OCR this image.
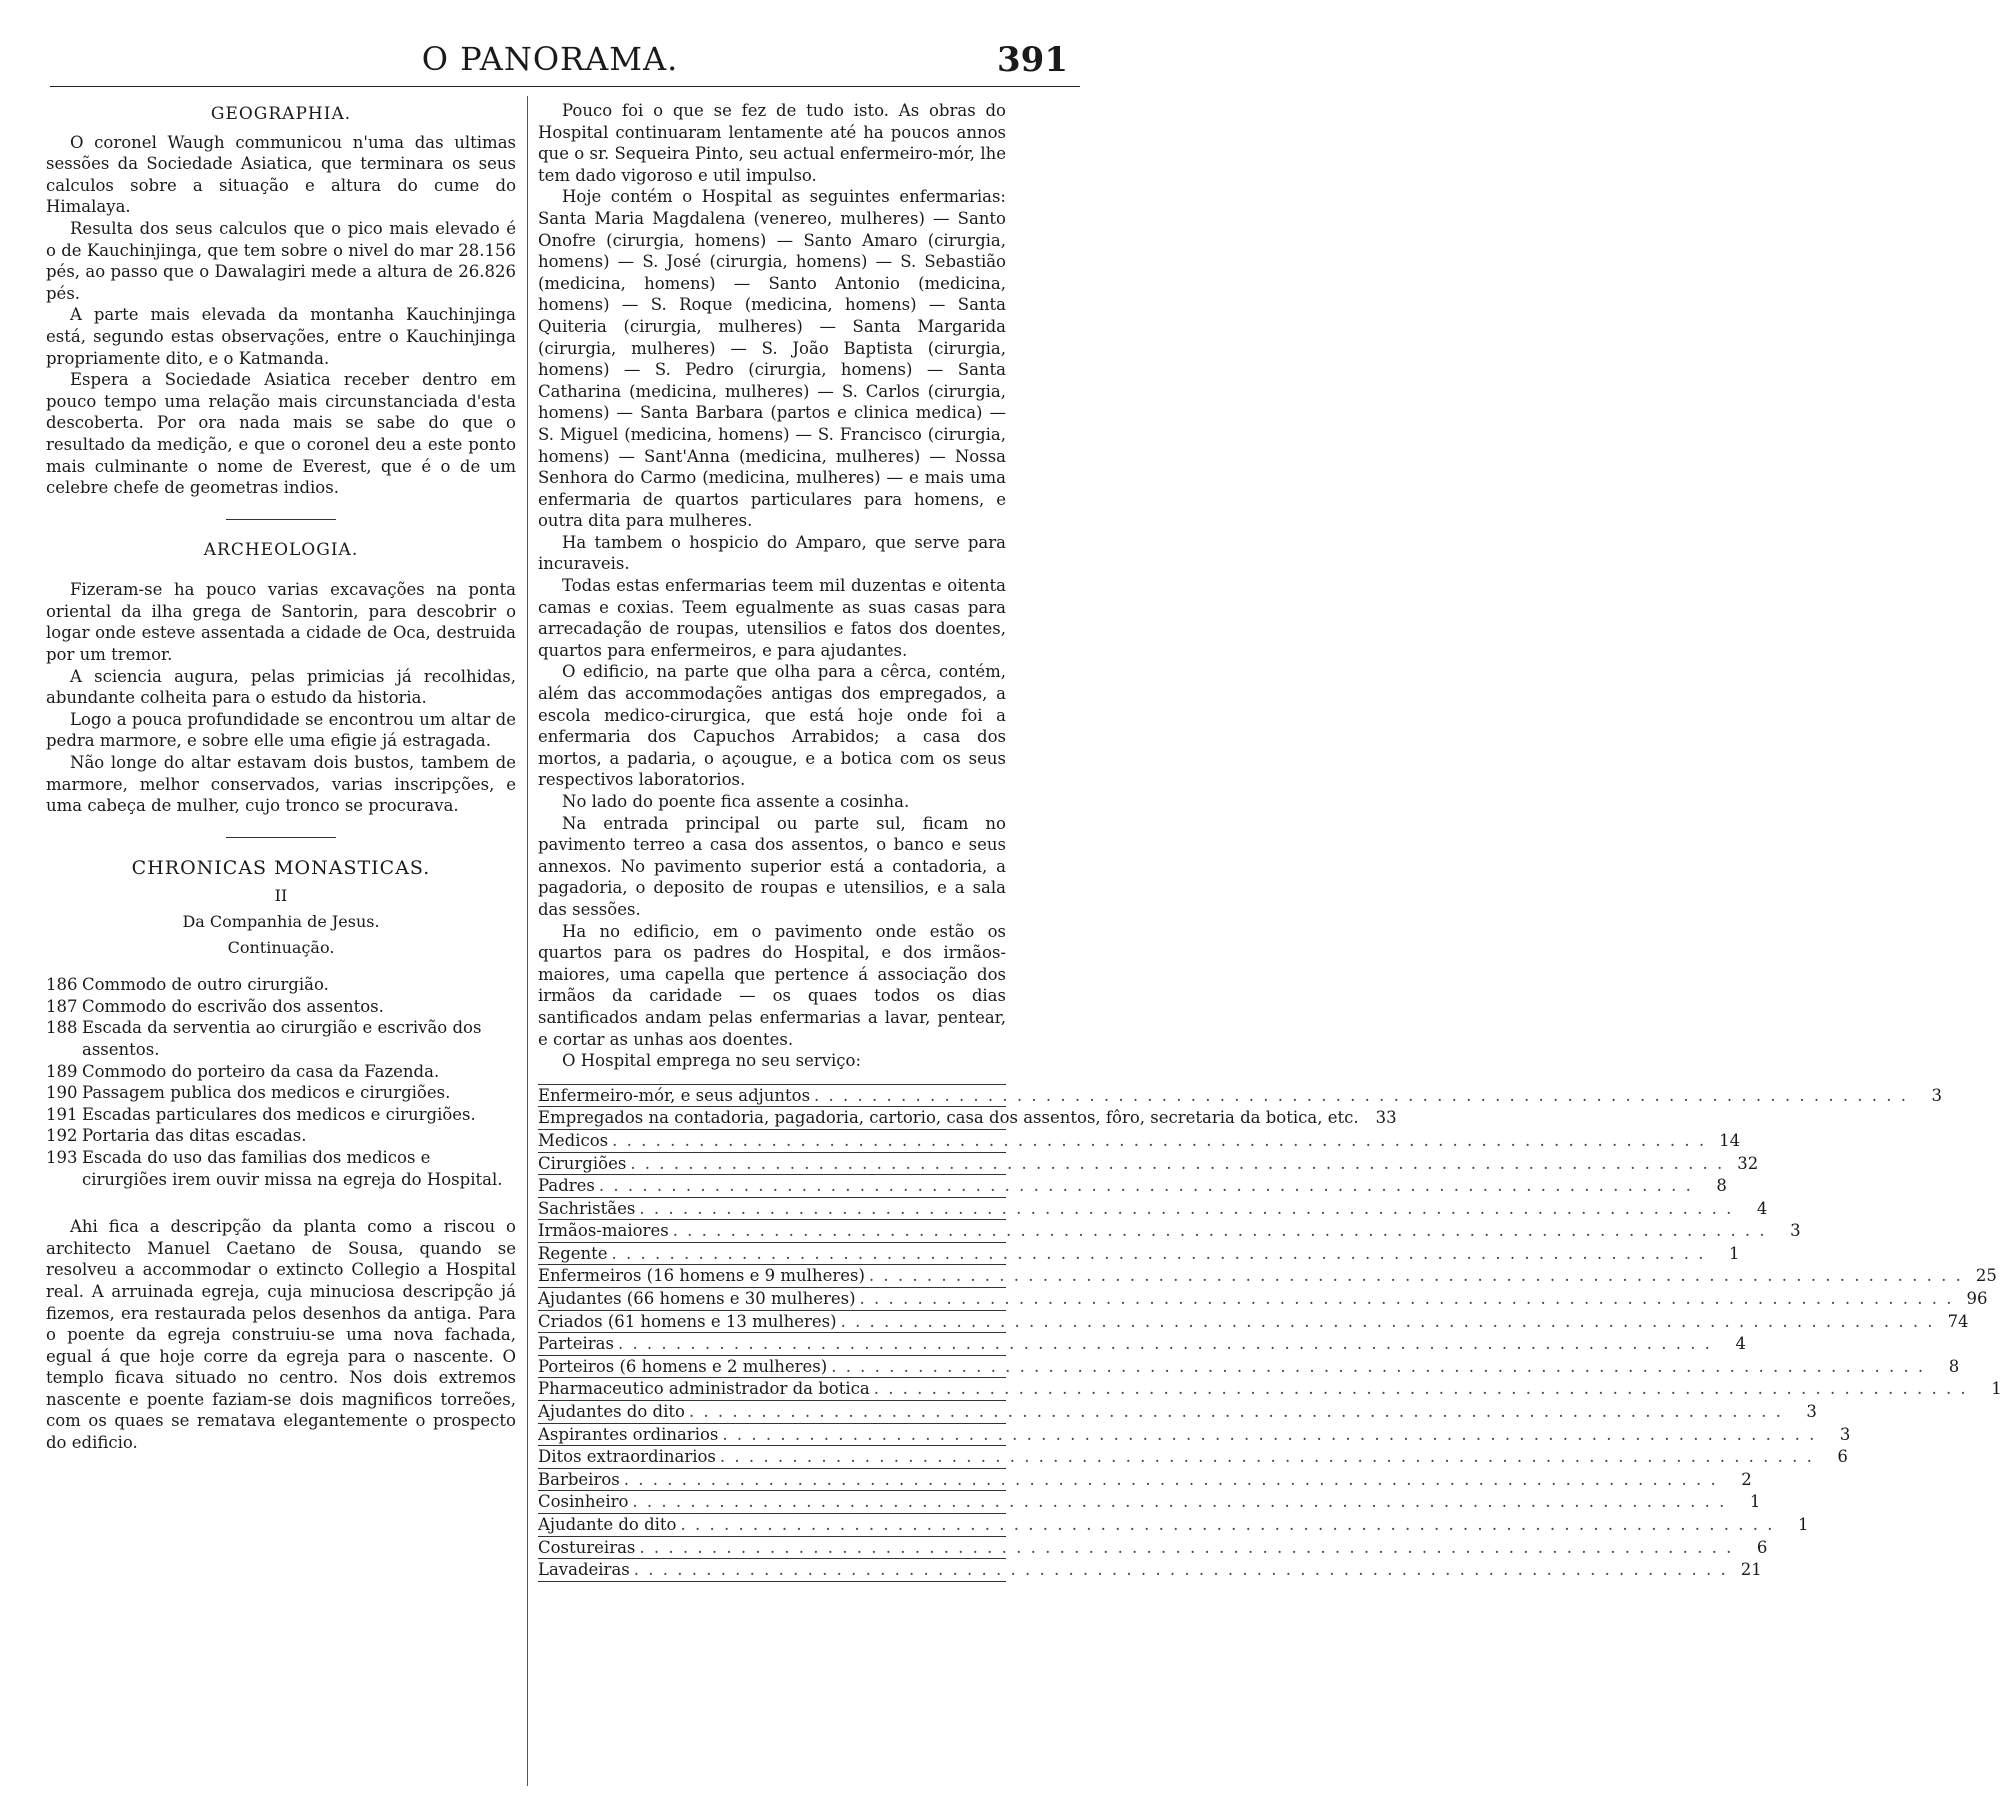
O PANORAMA.	391
GEOGRAPHIA.

O coronel Waugh communicou n'uma das ultimas sessões da Sociedade Asiatica, que terminara os seus calculos sobre a situação e altura do cume do Himalaya.

Resulta dos seus calculos que o pico mais elevado é o de Kauchinjinga, que tem sobre o nivel do mar 28.156 pés, ao passo que o Dawalagiri mede a altura de 26.826 pés.

A parte mais elevada da montanha Kauchinjinga está, segundo estas observações, entre o Kauchinjinga propriamente dito, e o Katmanda.

Espera a Sociedade Asiatica receber dentro em pouco tempo uma relação mais circunstanciada d'esta descoberta. Por ora nada mais se sabe do que o resultado da medição, e que o coronel deu a este ponto mais culminante o nome de Everest, que é o de um celebre chefe de geometras indios.

ARCHEOLOGIA.

Fizeram-se ha pouco varias excavações na ponta oriental da ilha grega de Santorin, para descobrir o logar onde esteve assentada a cidade de Oca, destruida por um tremor.

A sciencia augura, pelas primicias já recolhidas, abundante colheita para o estudo da historia.

Logo a pouca profundidade se encontrou um altar de pedra marmore, e sobre elle uma efigie já estragada.

Não longe do altar estavam dois bustos, tambem de marmore, melhor conservados, varias inscripções, e uma cabeça de mulher, cujo tronco se procurava.

CHRONICAS MONASTICAS.
II
Da Companhia de Jesus.
Continuação.
186 Commodo de outro cirurgião.
187 Commodo do escrivão dos assentos.
188 Escada da serventia ao cirurgião e escrivão dos assentos.
189 Commodo do porteiro da casa da Fazenda.
190 Passagem publica dos medicos e cirurgiões.
191 Escadas particulares dos medicos e cirurgiões.
192 Portaria das ditas escadas.
193 Escada do uso das familias dos medicos e cirurgiões irem ouvir missa na egreja do Hospital.

Ahi fica a descripção da planta como a riscou o architecto Manuel Caetano de Sousa, quando se resolveu a accommodar o extincto Collegio a Hospital real. A arruinada egreja, cuja minuciosa descripção já fizemos, era restaurada pelos desenhos da antiga. Para o poente da egreja construiu-se uma nova fachada, egual á que hoje corre da egreja para o nascente. O templo ficava situado no centro. Nos dois extremos nascente e poente faziam-se dois magnificos torreões, com os quaes se rematava elegantemente o prospecto do edificio.

Pouco foi o que se fez de tudo isto. As obras do Hospital continuaram lentamente até ha poucos annos que o sr. Sequeira Pinto, seu actual enfermeiro-mór, lhe tem dado vigoroso e util impulso.

Hoje contém o Hospital as seguintes enfermarias: Santa Maria Magdalena (venereo, mulheres) — Santo Onofre (cirurgia, homens) — Santo Amaro (cirurgia, homens) — S. José (cirurgia, homens) — S. Sebastião (medicina, homens) — Santo Antonio (medicina, homens) — S. Roque (medicina, homens) — Santa Quiteria (cirurgia, mulheres) — Santa Margarida (cirurgia, mulheres) — S. João Baptista (cirurgia, homens) — S. Pedro (cirurgia, homens) — Santa Catharina (medicina, mulheres) — S. Carlos (cirurgia, homens) — Santa Barbara (partos e clinica medica) — S. Miguel (medicina, homens) — S. Francisco (cirurgia, homens) — Sant'Anna (medicina, mulheres) — Nossa Senhora do Carmo (medicina, mulheres) — e mais uma enfermaria de quartos particulares para homens, e outra dita para mulheres.

Ha tambem o hospicio do Amparo, que serve para incuraveis.

Todas estas enfermarias teem mil duzentas e oitenta camas e coxias. Teem egualmente as suas casas para arrecadação de roupas, utensilios e fatos dos doentes, quartos para enfermeiros, e para ajudantes.

O edificio, na parte que olha para a cêrca, contém, além das accommodações antigas dos empregados, a escola medico-cirurgica, que está hoje onde foi a enfermaria dos Capuchos Arrabidos; a casa dos mortos, a padaria, o açougue, e a botica com os seus respectivos laboratorios.

No lado do poente fica assente a cosinha.

Na entrada principal ou parte sul, ficam no pavimento terreo a casa dos assentos, o banco e seus annexos. No pavimento superior está a contadoria, a pagadoria, o deposito de roupas e utensilios, e a sala das sessões.

Ha no edificio, em o pavimento onde estão os quartos para os padres do Hospital, e dos irmãos-maiores, uma capella que pertence á associação dos irmãos da caridade — os quaes todos os dias santificados andam pelas enfermarias a lavar, pentear, e cortar as unhas aos doentes.

O Hospital emprega no seu serviço:

Enfermeiro-mór, e seus adjuntos . . .	3
Empregados na contadoria, pagadoria, cartorio, casa dos assentos, fôro, secretaria da botica, etc.	33
Medicos . . .	14
Cirurgiões . . .	32
Padres . . .	8
Sachristães . . .	4
Irmãos-maiores . . .	3
Regente . . .	1
Enfermeiros (16 homens e 9 mulheres) . . .	25
Ajudantes (66 homens e 30 mulheres) . . .	96
Criados (61 homens e 13 mulheres) . . .	74
Parteiras . . .	4
Porteiros (6 homens e 2 mulheres) . . .	8
Pharmaceutico administrador da botica . . .	1
Ajudantes do dito . . .	3
Aspirantes ordinarios . . .	3
Ditos extraordinarios . . .	6
Barbeiros . . .	2
Cosinheiro . . .	1
Ajudante do dito . . .	1
Costureiras . . .	6
Lavadeiras . . .	21
